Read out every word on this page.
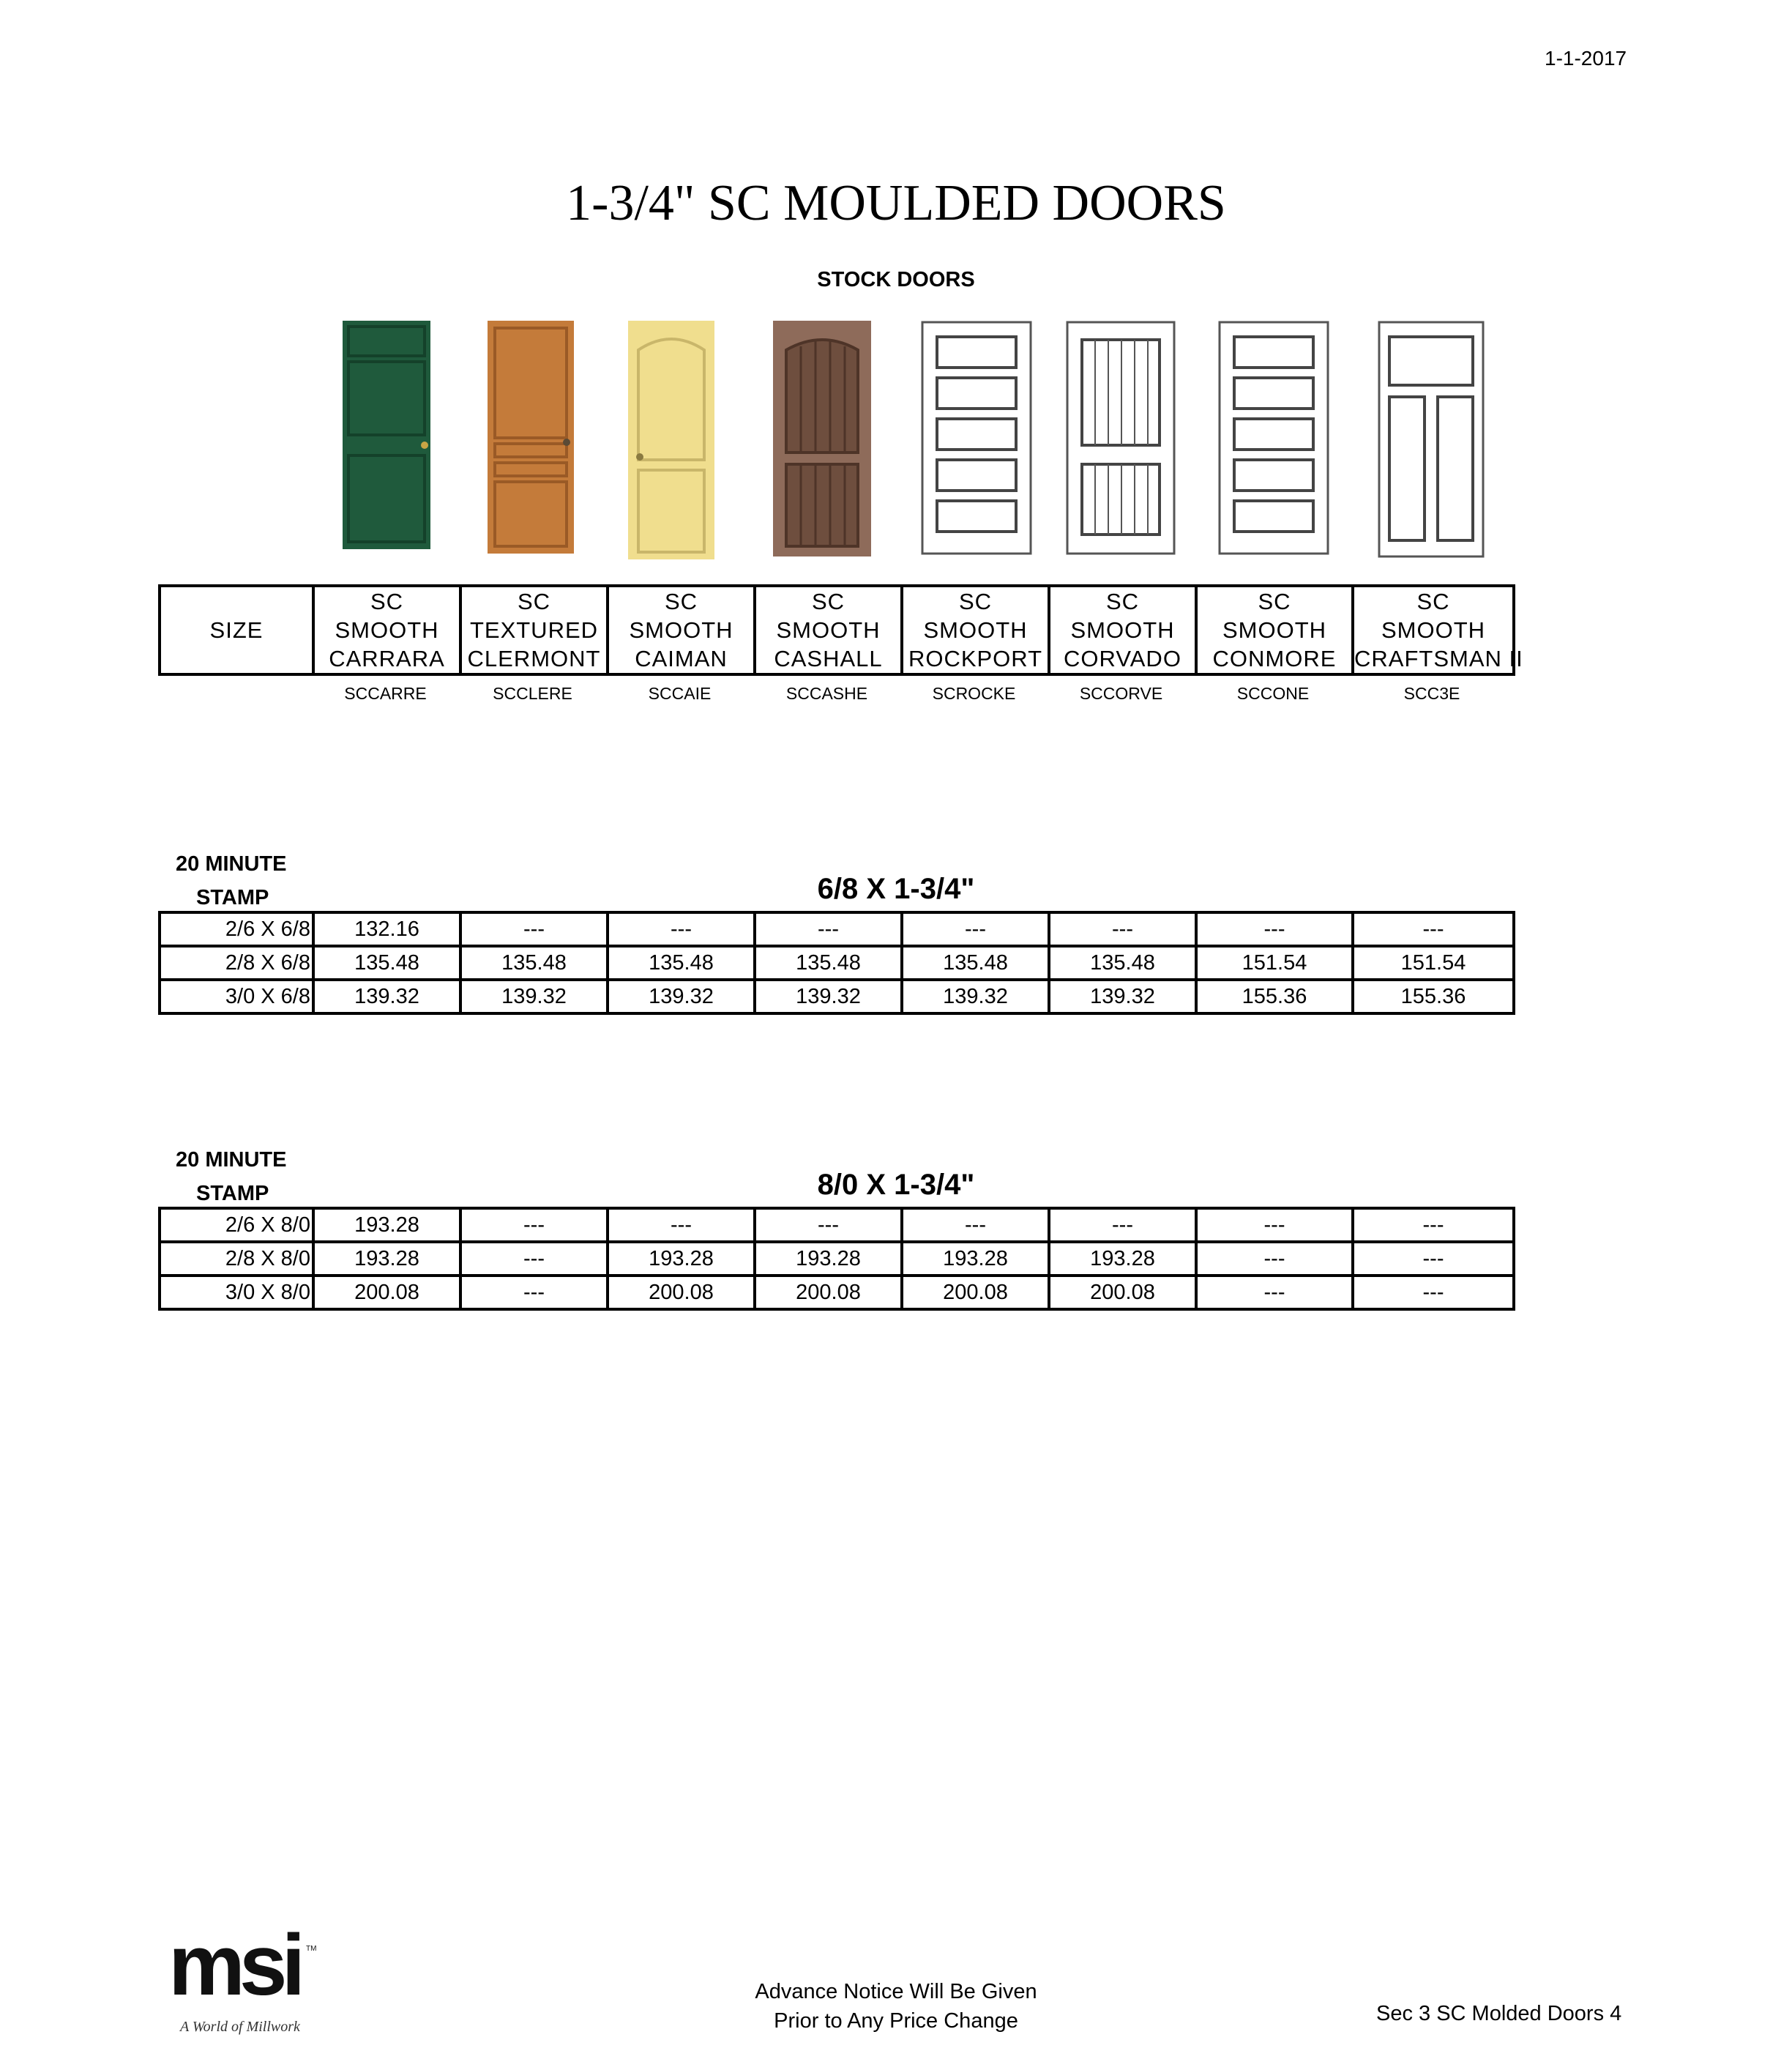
1-1-2017
1-3/4" SC MOULDED DOORS
STOCK DOORS
SIZE	
SC
SMOOTH
CARRARA

SC
TEXTURED
CLERMONT

SC
SMOOTH
CAIMAN

SC
SMOOTH
CASHALL

SC
SMOOTH
ROCKPORT

SC
SMOOTH
CORVADO

SC
SMOOTH
CONMORE

SC
SMOOTH
CRAFTSMAN II
	SCCARRE	SCCLERE	SCCAIE	SCCASHE	SCROCKE	SCCORVE	SCCONE	SCC3E
20 MINUTE
STAMP	6/8 X 1-3/4"
2/6 X 6/8	132.16	---	---	---	---	---	---	---
2/8 X 6/8	135.48	135.48	135.48	135.48	135.48	135.48	151.54	151.54
3/0 X 6/8	139.32	139.32	139.32	139.32	139.32	139.32	155.36	155.36
20 MINUTE
STAMP	8/0 X 1-3/4"
2/6 X 8/0	193.28	---	---	---	---	---	---	---
2/8 X 8/0	193.28	---	193.28	193.28	193.28	193.28	---	---
3/0 X 8/0	200.08	---	200.08	200.08	200.08	200.08	---	---
msi TM
A World of Millwork
Advance Notice Will Be Given
Prior to Any Price Change	Sec 3 SC Molded Doors 4
